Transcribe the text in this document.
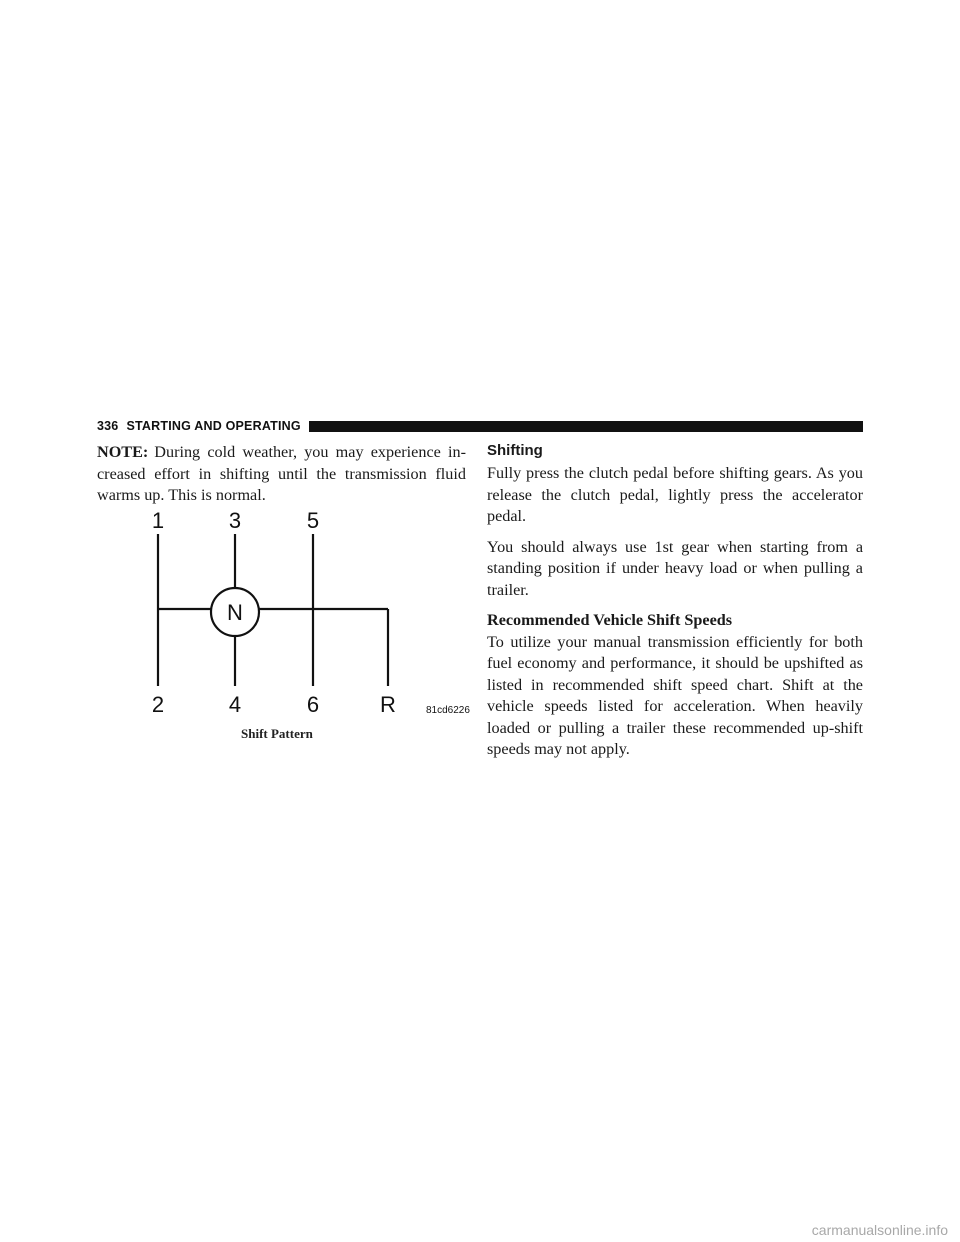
336 STARTING AND OPERATING

NOTE: During cold weather, you may experience in-creased effort in shifting until the transmission fluid warms up. This is normal.

1	3	5
N
2	4	6	R	81cd6226
Shift Pattern
Shifting

Fully press the clutch pedal before shifting gears. As you release the clutch pedal, lightly press the accelerator pedal.

You should always use 1st gear when starting from a standing position if under heavy load or when pulling a trailer.

Recommended Vehicle Shift Speeds

To utilize your manual transmission efficiently for both fuel economy and performance, it should be upshifted as listed in recommended shift speed chart. Shift at the vehicle speeds listed for acceleration. When heavily loaded or pulling a trailer these recommended up-shift speeds may not apply.

carmanualsonline.info
